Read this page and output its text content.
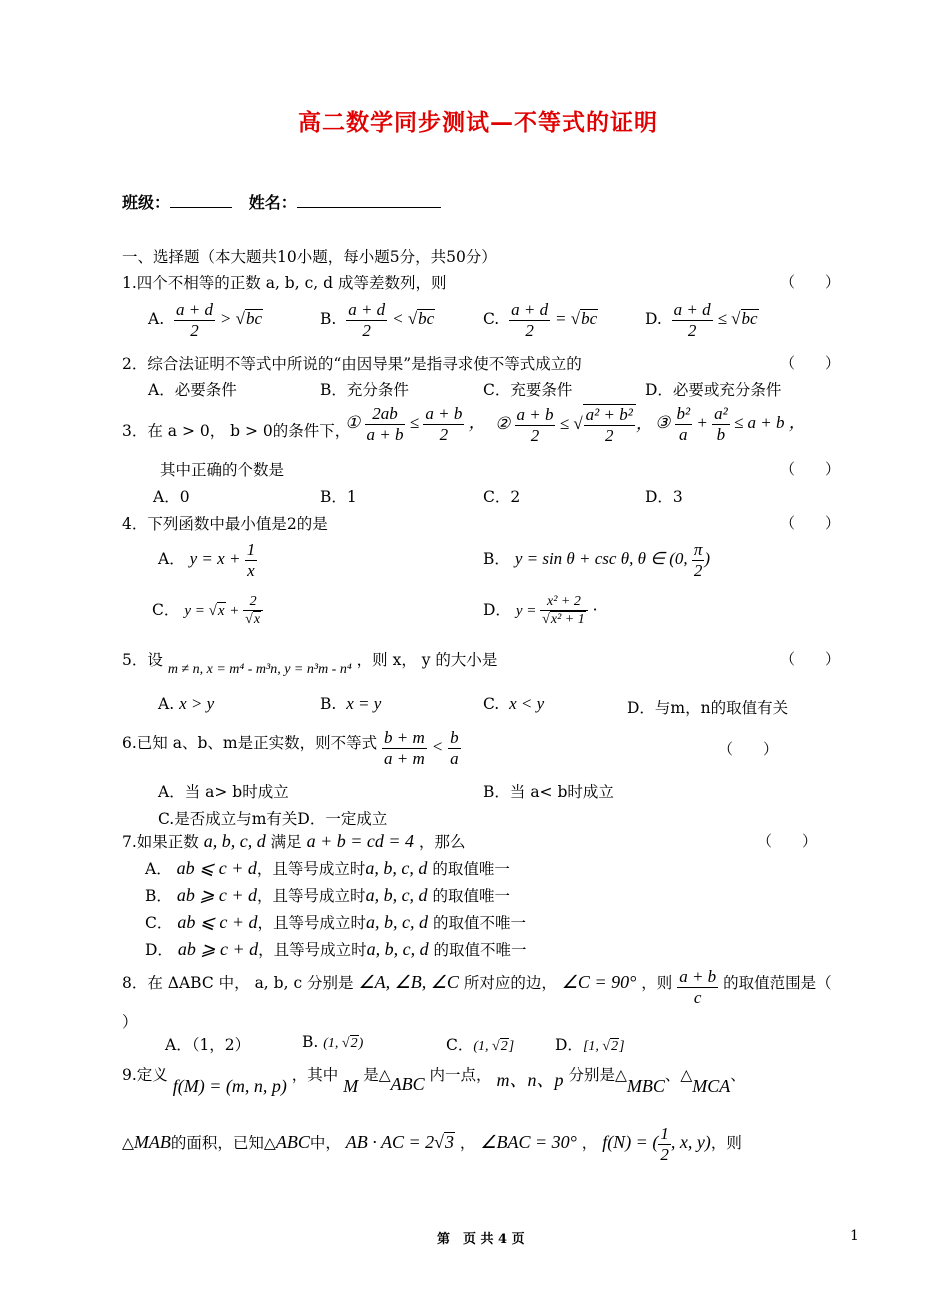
高二数学同步测试—不等式的证明
班级：	姓名：
一、选择题（本大题共10小题，每小题5分，共50分）
1.四个不相等的正数 a, b, c, d 成等差数列，则	（　　）
A. $\frac{a + d}{2} > √bc$	B. $\frac{a + d}{2} < √bc$	C. $\frac{a + d}{2} = √bc$	D. $\frac{a + d}{2} \le √bc$
2．综合法证明不等式中所说的“由因导果”是指寻求使不等式成立的	（　　）
A．必要条件	B．充分条件	C．充要条件	D．必要或充分条件
3．在 a > 0， b > 0的条件下，
① $\frac{2ab}{a + b} \le \frac{a + b}{2}$ ， ② $\frac{a + b}{2}$ ≤ √ $\frac{\text{a² + b²}}{2}$ ， ③ $\frac{\text{b²}}{a} + \frac{\text{a²}}{b} \le a + b$ ，
其中正确的个数是	（　　）
A．0	B．1	C．2	D．3
4．下列函数中最小值是2的是	（　　）
A． $y = x + \frac{1}{x}$	B． y = sin θ + csc θ, θ ∈ (0, $\frac{\pi}{2}$ )
C． $y = √x + \frac{2}{√x}$	D． $y = \frac{\text{x² + 2}}{\text{√x² + 1}}$ ·
5．设 m ≠ n, x = m⁴ - m³n, y = n³m - n⁴ ，则 x， y 的大小是	（　　）
A. x > y	B. x = y	C. x < y	D．与m，n的取值有关
6.已知 a、b、m是正实数，则不等式 $\frac{b + m}{a + m} < \frac{b}{a}$	（　　）
A．当 a> b时成立	B．当 a< b时成立
C.是否成立与m有关D．一定成立
7.如果正数 a, b, c, d 满足 a + b = cd = 4 ，那么	（　　）
A． ab ⩽ c + d，且等号成立时a, b, c, d 的取值唯一
B． ab ⩾ c + d，且等号成立时a, b, c, d 的取值唯一
C． ab ⩽ c + d，且等号成立时a, b, c, d 的取值不唯一
D． ab ⩾ c + d，且等号成立时a, b, c, d 的取值不唯一
8．在 ΔABC 中， a, b, c 分别是 ∠A, ∠B, ∠C 所对应的边， ∠C = 90° ，则 $\frac{a + b}{c}$ 的取值范围是（
）
A．（1，2）	B. (1, √2)	C．(1, √2]	D．[1, √2]
9.定义 f(M) = (m, n, p) ，其中 M 是△ABC 内一点， m、n、p 分别是△MBC、△MCA、
△MAB的面积，已知△ABC中， AB · AC = 2√3 ， ∠BAC = 30° ， f(N) = ( $\frac{1}{2}$ , x, y)，则
第　页 共 4 页	1
